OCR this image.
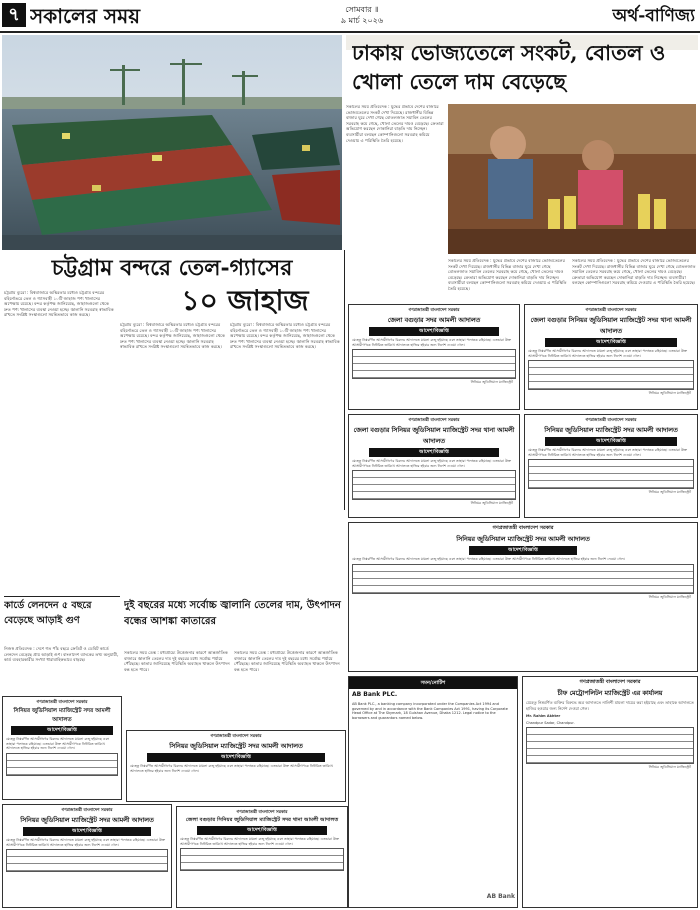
৭ সকালের সময়	সোমবার ॥
৯ মার্চ ২০২৬	অর্থ-বাণিজ্য
ঢাকায় ভোজ্যতেলে সংকট, বোতল ও খোলা তেলে দাম বেড়েছে
সকালের সময় প্রতিবেদক : যুদ্ধের প্রভাবে দেশের বাজারে ভোজ্যতেলের সংকট দেখা দিয়েছে। রাজধানীর বিভিন্ন বাজার ঘুরে দেখা গেছে বোতলজাত সয়াবিন তেলের সরবরাহ কমে গেছে, খোলা তেলের দামও বেড়েছে। ক্রেতারা অভিযোগ করছেন দোকানিরা বাড়তি দাম নিচ্ছেন। ব্যবসায়ীরা বলছেন কোম্পানিগুলো সরবরাহ কমিয়ে দেওয়ায় এ পরিস্থিতি তৈরি হয়েছে।
সকালের সময় প্রতিবেদক : যুদ্ধের প্রভাবে দেশের বাজারে ভোজ্যতেলের সংকট দেখা দিয়েছে। রাজধানীর বিভিন্ন বাজার ঘুরে দেখা গেছে বোতলজাত সয়াবিন তেলের সরবরাহ কমে গেছে, খোলা তেলের দামও বেড়েছে। ক্রেতারা অভিযোগ করছেন দোকানিরা বাড়তি দাম নিচ্ছেন। ব্যবসায়ীরা বলছেন কোম্পানিগুলো সরবরাহ কমিয়ে দেওয়ায় এ পরিস্থিতি তৈরি হয়েছে।
সকালের সময় প্রতিবেদক : যুদ্ধের প্রভাবে দেশের বাজারে ভোজ্যতেলের সংকট দেখা দিয়েছে। রাজধানীর বিভিন্ন বাজার ঘুরে দেখা গেছে বোতলজাত সয়াবিন তেলের সরবরাহ কমে গেছে, খোলা তেলের দামও বেড়েছে। ক্রেতারা অভিযোগ করছেন দোকানিরা বাড়তি দাম নিচ্ছেন। ব্যবসায়ীরা বলছেন কোম্পানিগুলো সরবরাহ কমিয়ে দেওয়ায় এ পরিস্থিতি তৈরি হয়েছে।
চট্টগ্রাম বন্দরে তেল-গ্যাসের
১০ জাহাজ
চট্টগ্রাম ব্যুরো : বিশ্ববাজারে অস্থিরতার মধ্যেও চট্টগ্রাম বন্দরের বহির্নোঙরে তেল ও গ্যাসবাহী ১০টি জাহাজ পণ্য খালাসের অপেক্ষায় রয়েছে। বন্দর কর্তৃপক্ষ জানিয়েছে, জাহাজগুলো থেকে দ্রুত পণ্য খালাসের ব্যবস্থা নেওয়া হচ্ছে। জ্বালানি সরবরাহ স্বাভাবিক রাখতে সংশ্লিষ্ট সংস্থাগুলো সমন্বিতভাবে কাজ করছে।
চট্টগ্রাম ব্যুরো : বিশ্ববাজারে অস্থিরতার মধ্যেও চট্টগ্রাম বন্দরের বহির্নোঙরে তেল ও গ্যাসবাহী ১০টি জাহাজ পণ্য খালাসের অপেক্ষায় রয়েছে। বন্দর কর্তৃপক্ষ জানিয়েছে, জাহাজগুলো থেকে দ্রুত পণ্য খালাসের ব্যবস্থা নেওয়া হচ্ছে। জ্বালানি সরবরাহ স্বাভাবিক রাখতে সংশ্লিষ্ট সংস্থাগুলো সমন্বিতভাবে কাজ করছে।
চট্টগ্রাম ব্যুরো : বিশ্ববাজারে অস্থিরতার মধ্যেও চট্টগ্রাম বন্দরের বহির্নোঙরে তেল ও গ্যাসবাহী ১০টি জাহাজ পণ্য খালাসের অপেক্ষায় রয়েছে। বন্দর কর্তৃপক্ষ জানিয়েছে, জাহাজগুলো থেকে দ্রুত পণ্য খালাসের ব্যবস্থা নেওয়া হচ্ছে। জ্বালানি সরবরাহ স্বাভাবিক রাখতে সংশ্লিষ্ট সংস্থাগুলো সমন্বিতভাবে কাজ করছে।
গণপ্রজাতন্ত্রী বাংলাদেশ সরকার
জেলা বগুড়ার সদর আমলী আদালত
আদেশ/বিজ্ঞপ্তি
যেহেতু নিম্নবর্ণিত আসামীগণের বিরুদ্ধে আদালতে মামলা রুজু হইয়াছে এবং তাহারা পলাতক রহিয়াছে। এতদ্বারা উক্ত আসামীগণকে নির্ধারিত তারিখে আদালতে হাজির হইবার জন্য নির্দেশ দেওয়া গেল।
সিনিয়র জুডিসিয়াল ম্যাজিস্ট্রেট
গণপ্রজাতন্ত্রী বাংলাদেশ সরকার
জেলা বগুড়ার সিনিয়র জুডিসিয়াল ম্যাজিস্ট্রেট সদর থানা আমলী আদালত
আদেশ/বিজ্ঞপ্তি
যেহেতু নিম্নবর্ণিত আসামীগণের বিরুদ্ধে আদালতে মামলা রুজু হইয়াছে এবং তাহারা পলাতক রহিয়াছে। এতদ্বারা উক্ত আসামীগণকে নির্ধারিত তারিখে আদালতে হাজির হইবার জন্য নির্দেশ দেওয়া গেল।
সিনিয়র জুডিসিয়াল ম্যাজিস্ট্রেট
গণপ্রজাতন্ত্রী বাংলাদেশ সরকার
জেলা বগুড়ার সিনিয়র জুডিসিয়াল ম্যাজিস্ট্রেট সদর থানা আমলী আদালত
আদেশ/বিজ্ঞপ্তি
যেহেতু নিম্নবর্ণিত আসামীগণের বিরুদ্ধে আদালতে মামলা রুজু হইয়াছে এবং তাহারা পলাতক রহিয়াছে। এতদ্বারা উক্ত আসামীগণকে নির্ধারিত তারিখে আদালতে হাজির হইবার জন্য নির্দেশ দেওয়া গেল।
সিনিয়র জুডিসিয়াল ম্যাজিস্ট্রেট
গণপ্রজাতন্ত্রী বাংলাদেশ সরকার
সিনিয়র জুডিসিয়াল ম্যাজিস্ট্রেট সদর আমলী আদালত
আদেশ/বিজ্ঞপ্তি
যেহেতু নিম্নবর্ণিত আসামীগণের বিরুদ্ধে আদালতে মামলা রুজু হইয়াছে এবং তাহারা পলাতক রহিয়াছে। এতদ্বারা উক্ত আসামীগণকে নির্ধারিত তারিখে আদালতে হাজির হইবার জন্য নির্দেশ দেওয়া গেল।
সিনিয়র জুডিসিয়াল ম্যাজিস্ট্রেট
কার্ডে লেনদেন ৫ বছরে বেড়েছে আড়াই গুণ
নিজস্ব প্রতিবেদক : দেশে গত পাঁচ বছরে ক্রেডিট ও ডেবিট কার্ডে লেনদেন বেড়েছে প্রায় আড়াই গুণ। বাংলাদেশ ব্যাংকের তথ্য অনুযায়ী, কার্ড ব্যবহারকারীর সংখ্যা ধারাবাহিকভাবে বাড়ছে।
দুই বছরের মধ্যে সর্বোচ্চ জ্বালানি তেলের দাম, উৎপাদন বন্ধের আশঙ্কা কাতারের
সকালের সময় ডেস্ক : মধ্যপ্রাচ্যে উত্তেজনার কারণে আন্তর্জাতিক বাজারে জ্বালানি তেলের দাম দুই বছরের মধ্যে সর্বোচ্চ পর্যায়ে পৌঁছেছে। কাতার জানিয়েছে পরিস্থিতি অব্যাহত থাকলে উৎপাদন বন্ধ হতে পারে।
সকালের সময় ডেস্ক : মধ্যপ্রাচ্যে উত্তেজনার কারণে আন্তর্জাতিক বাজারে জ্বালানি তেলের দাম দুই বছরের মধ্যে সর্বোচ্চ পর্যায়ে পৌঁছেছে। কাতার জানিয়েছে পরিস্থিতি অব্যাহত থাকলে উৎপাদন বন্ধ হতে পারে।
গণপ্রজাতন্ত্রী বাংলাদেশ সরকার
সিনিয়র জুডিসিয়াল ম্যাজিস্ট্রেট সদর আমলী আদালত
আদেশ/বিজ্ঞপ্তি
যেহেতু নিম্নবর্ণিত আসামীগণের বিরুদ্ধে আদালতে মামলা রুজু হইয়াছে এবং তাহারা পলাতক রহিয়াছে। এতদ্বারা উক্ত আসামীগণকে নির্ধারিত তারিখে আদালতে হাজির হইবার জন্য নির্দেশ দেওয়া গেল।
গণপ্রজাতন্ত্রী বাংলাদেশ সরকার
সিনিয়র জুডিসিয়াল ম্যাজিস্ট্রেট সদর আমলী আদালত
আদেশ/বিজ্ঞপ্তি
যেহেতু নিম্নবর্ণিত আসামীগণের বিরুদ্ধে আদালতে মামলা রুজু হইয়াছে এবং তাহারা পলাতক রহিয়াছে। এতদ্বারা উক্ত আসামীগণকে নির্ধারিত তারিখে আদালতে হাজির হইবার জন্য নির্দেশ দেওয়া গেল।
গণপ্রজাতন্ত্রী বাংলাদেশ সরকার
জেলা বগুড়ার সিনিয়র জুডিসিয়াল ম্যাজিস্ট্রেট সদর থানা আমলী আদালত
আদেশ/বিজ্ঞপ্তি
যেহেতু নিম্নবর্ণিত আসামীগণের বিরুদ্ধে আদালতে মামলা রুজু হইয়াছে এবং তাহারা পলাতক রহিয়াছে। এতদ্বারা উক্ত আসামীগণকে নির্ধারিত তারিখে আদালতে হাজির হইবার জন্য নির্দেশ দেওয়া গেল।
গণপ্রজাতন্ত্রী বাংলাদেশ সরকার
সিনিয়র জুডিসিয়াল ম্যাজিস্ট্রেট সদর আমলী আদালত
আদেশ/বিজ্ঞপ্তি
যেহেতু নিম্নবর্ণিত আসামীগণের বিরুদ্ধে আদালতে মামলা রুজু হইয়াছে এবং তাহারা পলাতক রহিয়াছে। এতদ্বারা উক্ত আসামীগণকে নির্ধারিত তারিখে আদালতে হাজির হইবার জন্য নির্দেশ দেওয়া গেল।
গণপ্রজাতন্ত্রী বাংলাদেশ সরকার
সিনিয়র জুডিসিয়াল ম্যাজিস্ট্রেট সদর আমলী আদালত
আদেশ/বিজ্ঞপ্তি
যেহেতু নিম্নবর্ণিত আসামীগণের বিরুদ্ধে আদালতে মামলা রুজু হইয়াছে এবং তাহারা পলাতক রহিয়াছে। এতদ্বারা উক্ত আসামীগণকে নির্ধারিত তারিখে আদালতে হাজির হইবার জন্য নির্দেশ দেওয়া গেল।
সিনিয়র জুডিসিয়াল ম্যাজিস্ট্রেট
সমন/নোটিশ
AB Bank PLC.
AB Bank PLC., a banking company incorporated under the Companies Act 1994 and governed by and in accordance with the Bank Companies Act 1991, having its Corporate Head Office at The Skymark, 18 Gulshan Avenue, Dhaka 1212. Legal notice to the borrowers and guarantors named below.
AB Bank
গণপ্রজাতন্ত্রী বাংলাদেশ সরকার
চীফ মেট্রোপলিটন ম্যাজিস্ট্রেট এর কার্যালয়
যেহেতু নিম্নবর্ণিত ব্যক্তির বিরুদ্ধে অত্র আদালতে নালিশী মামলা দায়ের করা হইয়াছে এবং তাহাকে আদালতে হাজির হওয়ার জন্য নির্দেশ দেওয়া গেল।
Mr. Rahim Akhter
Chandpur Sadar, Chandpur.
সিনিয়র জুডিসিয়াল ম্যাজিস্ট্রেট
